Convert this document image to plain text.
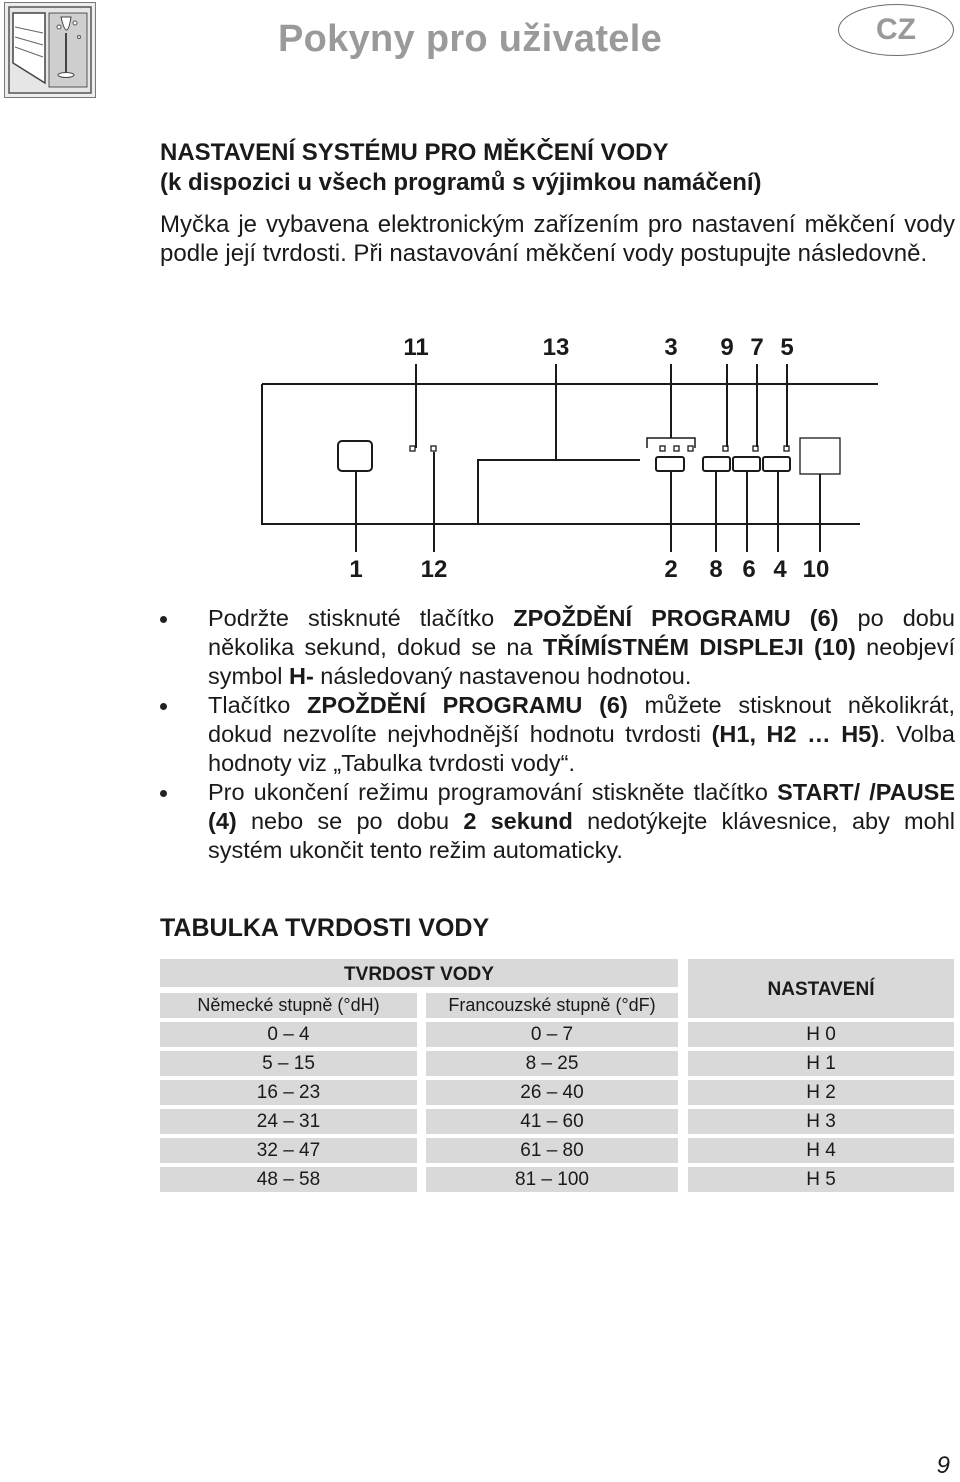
Pokyny pro uživatele	CZ
NASTAVENÍ SYSTÉMU PRO MĚKČENÍ VODY
(k dispozici u všech programů s výjimkou namáčení)
Myčka je vybavena elektronickým zařízením pro nastavení měkčení vody podle její tvrdosti. Při nastavování měkčení vody postupujte následovně.
11	13	3 9 7 5
1 12	2 8 6 4 10
Podržte stisknuté tlačítko ZPOŽDĚNÍ PROGRAMU (6) po dobu několika sekund, dokud se na TŘÍMÍSTNÉM DISPLEJI (10) neobjeví symbol H- následovaný nastavenou hodnotou.
Tlačítko ZPOŽDĚNÍ PROGRAMU (6) můžete stisknout několikrát, dokud nezvolíte nejvhodnější hodnotu tvrdosti (H1, H2 … H5). Volba hodnoty viz „Tabulka tvrdosti vody“.
Pro ukončení režimu programování stiskněte tlačítko START/ /PAUSE (4) nebo se po dobu 2 sekund nedotýkejte klávesnice, aby mohl systém ukončit tento režim automaticky.
TABULKA TVRDOSTI VODY
TVRDOST VODY
Německé stupně (°dH)	Francouzské stupně (°dF)
NASTAVENÍ
0 – 4	0 – 7	H 0
5 – 15	8 – 25	H 1
16 – 23	26 – 40	H 2
24 – 31	41 – 60	H 3
32 – 47	61 – 80	H 4
48 – 58	81 – 100	H 5
9
